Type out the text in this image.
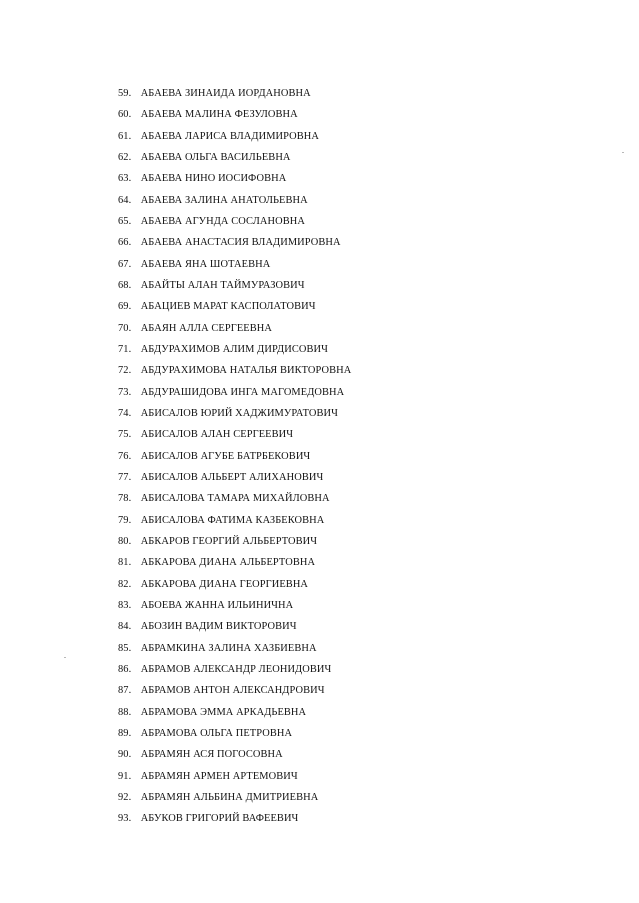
59. АБАЕВА ЗИНАИДА ИОРДАНОВНА
60. АБАЕВА МАЛИНА ФЕЗУЛОВНА
61. АБАЕВА ЛАРИСА ВЛАДИМИРОВНА
62. АБАЕВА ОЛЬГА ВАСИЛЬЕВНА
63. АБАЕВА НИНО ИОСИФОВНА
64. АБАЕВА ЗАЛИНА АНАТОЛЬЕВНА
65. АБАЕВА АГУНДА СОСЛАНОВНА
66. АБАЕВА АНАСТАСИЯ ВЛАДИМИРОВНА
67. АБАЕВА ЯНА ШОТАЕВНА
68. АБАЙТЫ АЛАН ТАЙМУРАЗОВИЧ
69. АБАЦИЕВ МАРАТ КАСПОЛАТОВИЧ
70. АБАЯН АЛЛА СЕРГЕЕВНА
71. АБДУРАХИМОВ АЛИМ ДИРДИСОВИЧ
72. АБДУРАХИМОВА НАТАЛЬЯ ВИКТОРОВНА
73. АБДУРАШИДОВА ИНГА МАГОМЕДОВНА
74. АБИСАЛОВ ЮРИЙ ХАДЖИМУРАТОВИЧ
75. АБИСАЛОВ АЛАН СЕРГЕЕВИЧ
76. АБИСАЛОВ АГУБЕ БАТРБЕКОВИЧ
77. АБИСАЛОВ АЛЬБЕРТ АЛИХАНОВИЧ
78. АБИСАЛОВА ТАМАРА МИХАЙЛОВНА
79. АБИСАЛОВА ФАТИМА КАЗБЕКОВНА
80. АБКАРОВ ГЕОРГИЙ АЛЬБЕРТОВИЧ
81. АБКАРОВА ДИАНА АЛЬБЕРТОВНА
82. АБКАРОВА ДИАНА ГЕОРГИЕВНА
83. АБОЕВА ЖАННА ИЛЬИНИЧНА
84. АБОЗИН ВАДИМ ВИКТОРОВИЧ
85. АБРАМКИНА ЗАЛИНА ХАЗБИЕВНА
86. АБРАМОВ АЛЕКСАНДР ЛЕОНИДОВИЧ
87. АБРАМОВ АНТОН АЛЕКСАНДРОВИЧ
88. АБРАМОВА ЭММА АРКАДЬЕВНА
89. АБРАМОВА ОЛЬГА ПЕТРОВНА
90. АБРАМЯН АСЯ ПОГОСОВНА
91. АБРАМЯН АРМЕН АРТЕМОВИЧ
92. АБРАМЯН АЛЬБИНА ДМИТРИЕВНА
93. АБУКОВ ГРИГОРИЙ ВАФЕЕВИЧ
